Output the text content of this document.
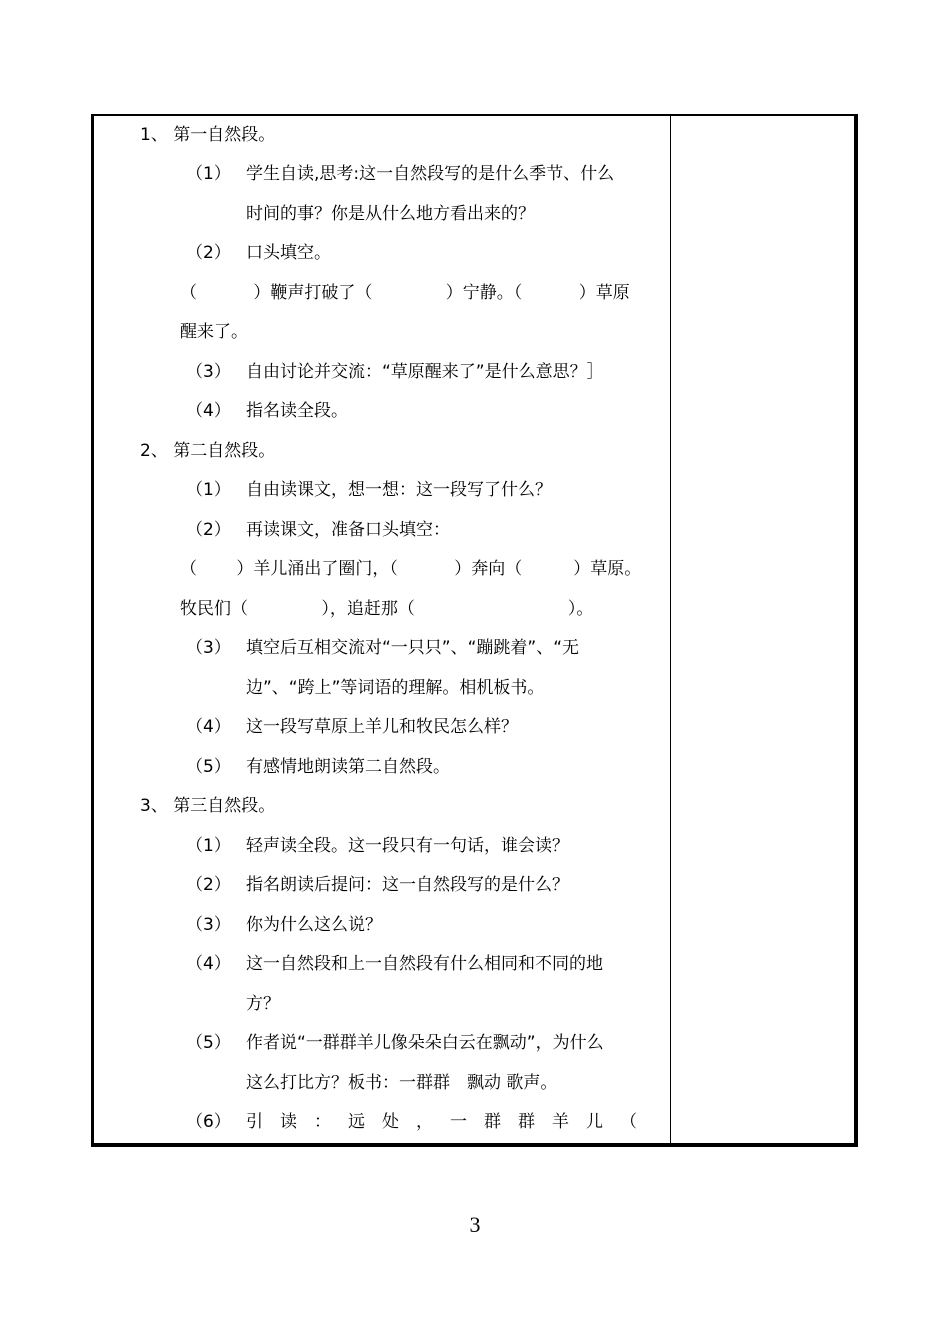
1、 第一自然段。
（1） 学生自读,思考:这一自然段写的是什么季节、什么
时间的事？你是从什么地方看出来的？
（2） 口头填空。
（　　　 ）鞭声打破了（　　　　 ）宁静。（　　　 ）草原
醒来了。
（3） 自由讨论并交流：“草原醒来了”是什么意思？］
（4） 指名读全段。
2、 第二自然段。
（1） 自由读课文，想一想：这一段写了什么？
（2） 再读课文，准备口头填空：
（　　 ）羊儿涌出了圈门，（　　　 ）奔向（　　　）草原。
牧民们（　　　　 ），追赶那（　　　　　　　　　）。
（3） 填空后互相交流对“一只只”、“蹦跳着”、“无
边”、“跨上”等词语的理解。相机板书。
（4） 这一段写草原上羊儿和牧民怎么样？
（5） 有感情地朗读第二自然段。
3、 第三自然段。
（1） 轻声读全段。这一段只有一句话，谁会读？
（2） 指名朗读后提问：这一自然段写的是什么？
（3） 你为什么这么说？
（4） 这一自然段和上一自然段有什么相同和不同的地
方？
（5） 作者说“一群群羊儿像朵朵白云在飘动”，为什么
这么打比方？板书：一群群　飘动 歌声。
（6） 引读：远处，一群群羊儿（
3
